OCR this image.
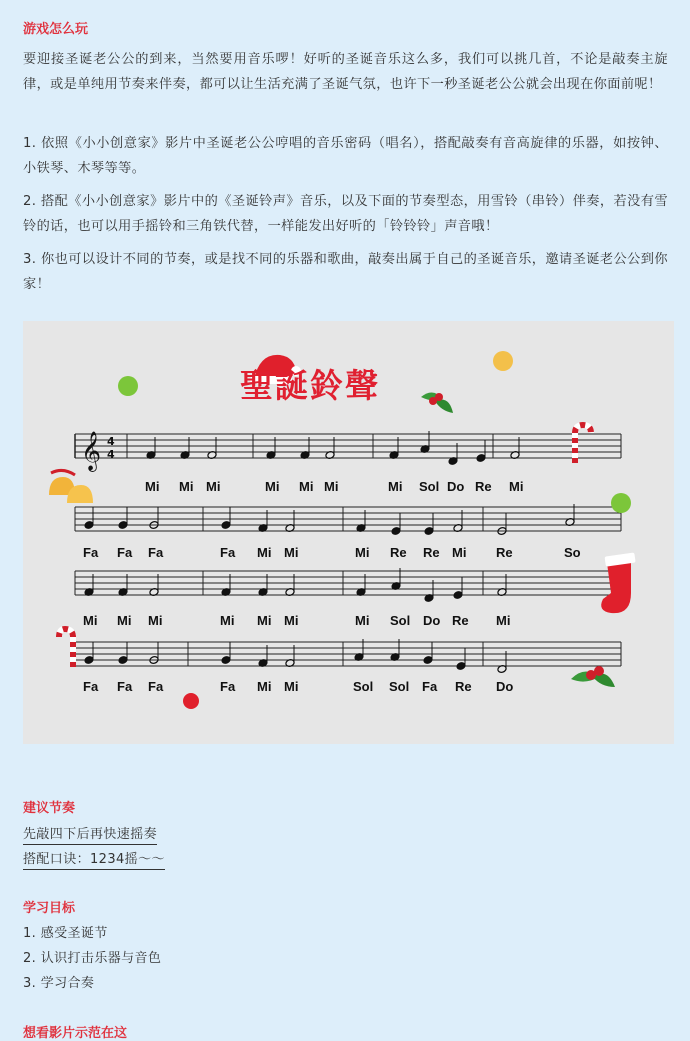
游戏怎么玩
要迎接圣诞老公公的到来，当然要用音乐啰！好听的圣诞音乐这么多，我们可以挑几首，不论是敲奏主旋律，或是单纯用节奏来伴奏，都可以让生活充满了圣诞气氛，也许下一秒圣诞老公公就会出现在你面前呢！
1. 依照《小小创意家》影片中圣诞老公公哼唱的音乐密码（唱名），搭配敲奏有音高旋律的乐器，如按钟、小铁琴、木琴等等。
2. 搭配《小小创意家》影片中的《圣诞铃声》音乐，以及下面的节奏型态，用雪铃（串铃）伴奏，若没有雪铃的话，也可以用手摇铃和三角铁代替，一样能发出好听的「铃铃铃」声音哦！
3. 你也可以设计不同的节奏，或是找不同的乐器和歌曲，敲奏出属于自己的圣诞音乐，邀请圣诞老公公到你家！
𝄞 4
4
Mi Mi Mi	Mi Mi Mi	Mi Sol Do Re Mi
Fa Fa Fa	Fa Mi Mi	Mi Re Re Mi Re	So
Mi Mi Mi	Mi Mi Mi	Mi Sol Do Re Mi
Fa Fa Fa	Fa Mi Mi	Sol Sol Fa Re Do
聖誕鈴聲
建议节奏
先敲四下后再快速摇奏
搭配口诀：1234摇～～
学习目标
1. 感受圣诞节
2. 认识打击乐器与音色
3. 学习合奏
想看影片示范在这
